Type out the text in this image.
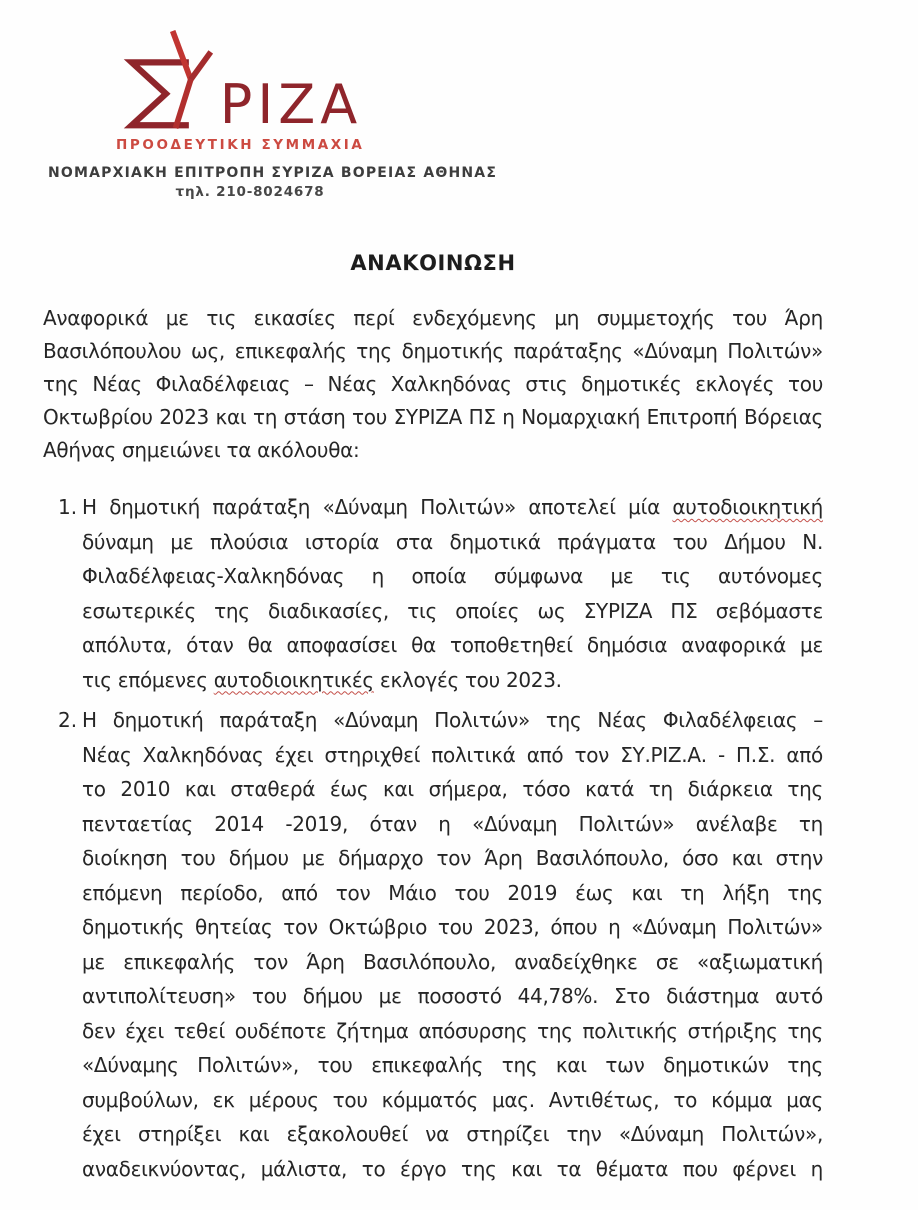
ΡΙΖΑ
ΠΡΟΟΔΕΥΤΙΚΗ ΣΥΜΜΑΧΙΑ
ΝΟΜΑΡΧΙΑΚΗ ΕΠΙΤΡΟΠΗ ΣΥΡΙΖΑ ΒΟΡΕΙΑΣ ΑΘΗΝΑΣ
τηλ. 210-8024678
ΑΝΑΚΟΙΝΩΣΗ
Αναφορικά με τις εικασίες περί ενδεχόμενης μη συμμετοχής του Άρη
Βασιλόπουλου ως, επικεφαλής της δημοτικής παράταξης «Δύναμη Πολιτών»
της Νέας Φιλαδέλφειας – Νέας Χαλκηδόνας στις δημοτικές εκλογές του
Οκτωβρίου 2023 και τη στάση του ΣΥΡΙΖΑ ΠΣ η Νομαρχιακή Επιτροπή Βόρειας
Αθήνας σημειώνει τα ακόλουθα:
1. Η δημοτική παράταξη «Δύναμη Πολιτών» αποτελεί μία αυτοδιοικητική
δύναμη με πλούσια ιστορία στα δημοτικά πράγματα του Δήμου Ν.
Φιλαδέλφειας-Χαλκηδόνας η οποία σύμφωνα με τις αυτόνομες
εσωτερικές της διαδικασίες, τις οποίες ως ΣΥΡΙΖΑ ΠΣ σεβόμαστε
απόλυτα, όταν θα αποφασίσει θα τοποθετηθεί δημόσια αναφορικά με
τις επόμενες αυτοδιοικητικές εκλογές του 2023.
2. Η δημοτική παράταξη «Δύναμη Πολιτών» της Νέας Φιλαδέλφειας –
Νέας Χαλκηδόνας έχει στηριχθεί πολιτικά από τον ΣΥ.ΡΙΖ.Α. - Π.Σ. από
το 2010 και σταθερά έως και σήμερα, τόσο κατά τη διάρκεια της
πενταετίας 2014 -2019, όταν η «Δύναμη Πολιτών» ανέλαβε τη
διοίκηση του δήμου με δήμαρχο τον Άρη Βασιλόπουλο, όσο και στην
επόμενη περίοδο, από τον Μάιο του 2019 έως και τη λήξη της
δημοτικής θητείας τον Οκτώβριο του 2023, όπου η «Δύναμη Πολιτών»
με επικεφαλής τον Άρη Βασιλόπουλο, αναδείχθηκε σε «αξιωματική
αντιπολίτευση» του δήμου με ποσοστό 44,78%. Στο διάστημα αυτό
δεν έχει τεθεί ουδέποτε ζήτημα απόσυρσης της πολιτικής στήριξης της
«Δύναμης Πολιτών», του επικεφαλής της και των δημοτικών της
συμβούλων, εκ μέρους του κόμματός μας. Αντιθέτως, το κόμμα μας
έχει στηρίξει και εξακολουθεί να στηρίζει την «Δύναμη Πολιτών»,
αναδεικνύοντας, μάλιστα, το έργο της και τα θέματα που φέρνει η
